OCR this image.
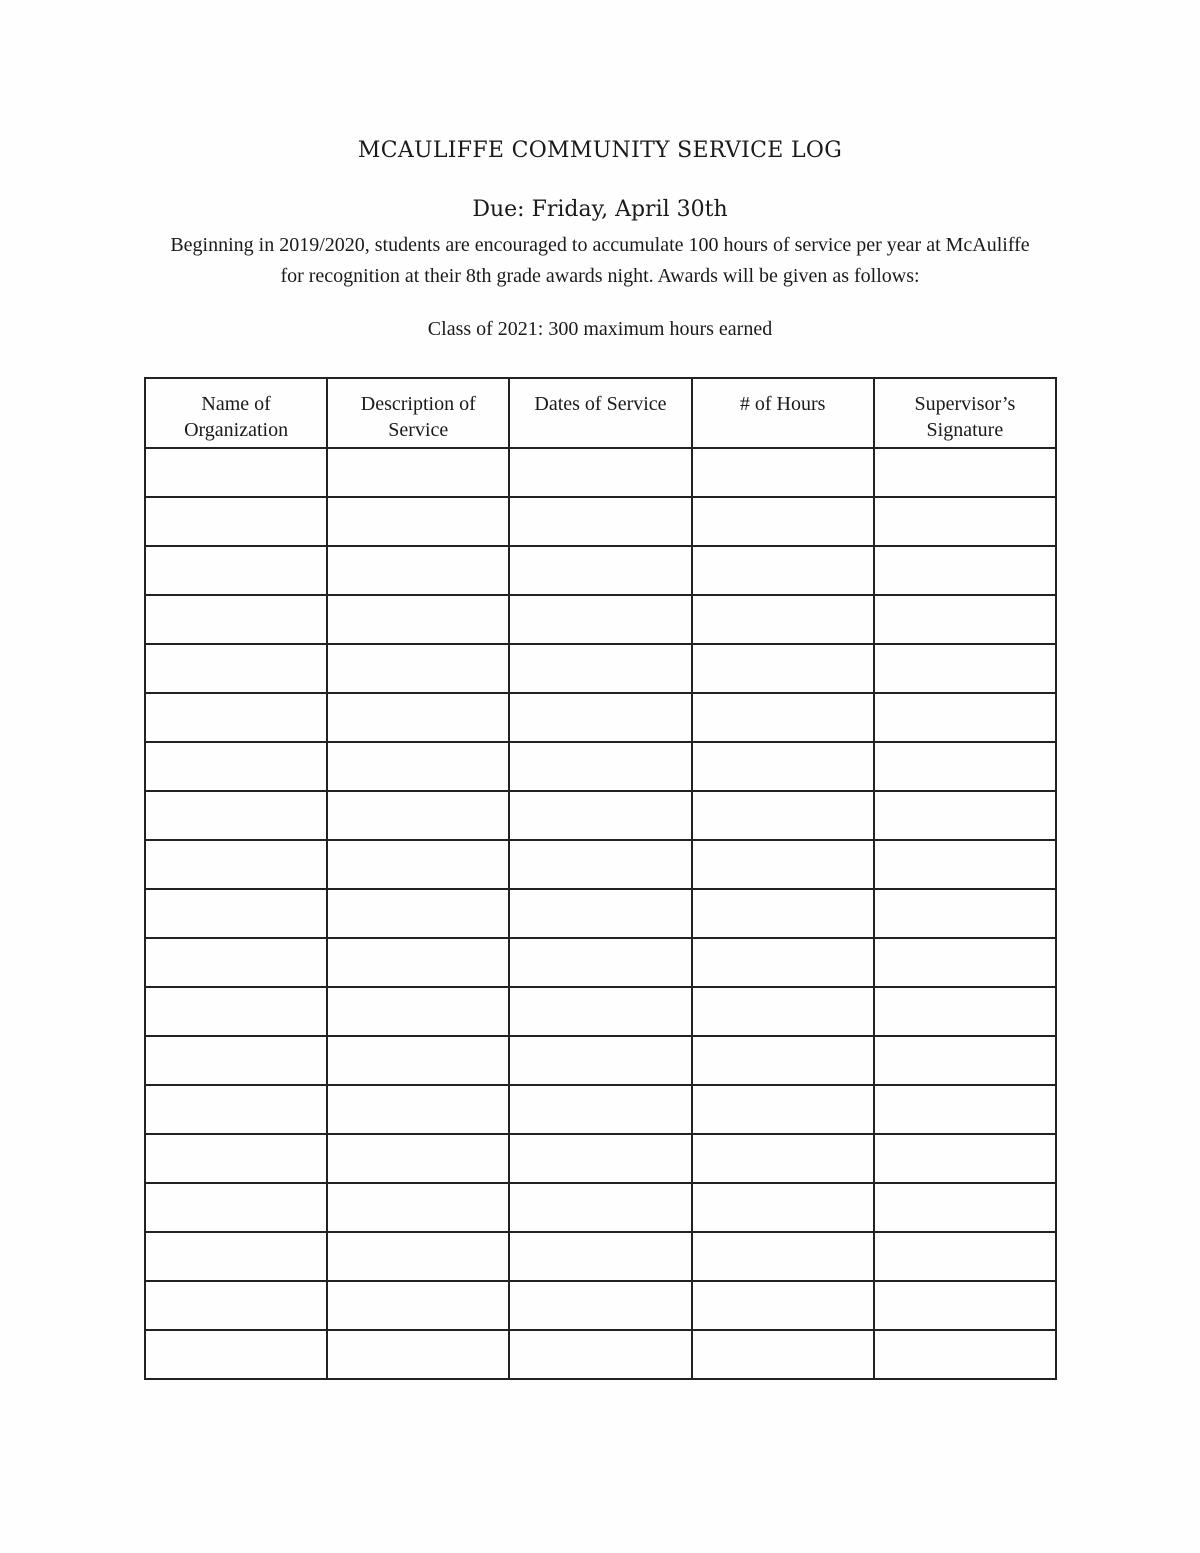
MCAULIFFE COMMUNITY SERVICE LOG
Due: Friday, April 30th

Beginning in 2019/2020, students are encouraged to accumulate 100 hours of service per year at McAuliffe for recognition at their 8th grade awards night. Awards will be given as follows:

Class of 2021: 300 maximum hours earned

Name of Organization	Description of Service	Dates of Service	# of Hours	Supervisor’s Signature
